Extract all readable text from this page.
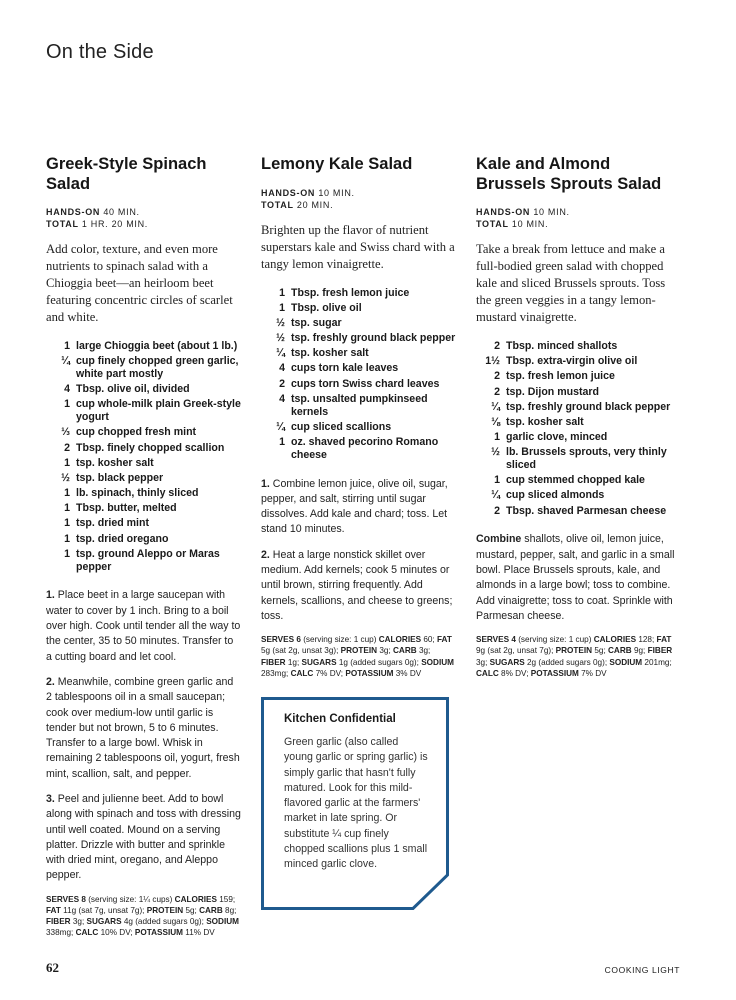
On the Side
Greek-Style Spinach Salad
HANDS-ON 40 MIN.
TOTAL 1 HR. 20 MIN.

Add color, texture, and even more nutrients to spinach salad with a Chioggia beet—an heirloom beet featuring concentric circles of scarlet and white.

1 large Chioggia beet (about 1 lb.)
¼ cup finely chopped green garlic, white part mostly
4 Tbsp. olive oil, divided
1 cup whole-milk plain Greek-style yogurt
⅓ cup chopped fresh mint
2 Tbsp. finely chopped scallion
1 tsp. kosher salt
½ tsp. black pepper
1 lb. spinach, thinly sliced
1 Tbsp. butter, melted
1 tsp. dried mint
1 tsp. dried oregano
1 tsp. ground Aleppo or Maras pepper

1. Place beet in a large saucepan with water to cover by 1 inch. Bring to a boil over high. Cook until tender all the way to the center, 35 to 50 minutes. Transfer to a cutting board and let cool.

2. Meanwhile, combine green garlic and 2 tablespoons oil in a small saucepan; cook over medium-low until garlic is tender but not brown, 5 to 6 minutes. Transfer to a large bowl. Whisk in remaining 2 tablespoons oil, yogurt, fresh mint, scallion, salt, and pepper.

3. Peel and julienne beet. Add to bowl along with spinach and toss with dressing until well coated. Mound on a serving platter. Drizzle with butter and sprinkle with dried mint, oregano, and Aleppo pepper.

SERVES 8 (serving size: 1¼ cups) CALORIES 159; FAT 11g (sat 7g, unsat 7g); PROTEIN 5g; CARB 8g; FIBER 3g; SUGARS 4g (added sugars 0g); SODIUM 338mg; CALC 10% DV; POTASSIUM 11% DV

Lemony Kale Salad
HANDS-ON 10 MIN.
TOTAL 20 MIN.

Brighten up the flavor of nutrient superstars kale and Swiss chard with a tangy lemon vinaigrette.

1 Tbsp. fresh lemon juice
1 Tbsp. olive oil
½ tsp. sugar
½ tsp. freshly ground black pepper
¼ tsp. kosher salt
4 cups torn kale leaves
2 cups torn Swiss chard leaves
4 tsp. unsalted pumpkinseed kernels
¼ cup sliced scallions
1 oz. shaved pecorino Romano cheese

1. Combine lemon juice, olive oil, sugar, pepper, and salt, stirring until sugar dissolves. Add kale and chard; toss. Let stand 10 minutes.

2. Heat a large nonstick skillet over medium. Add kernels; cook 5 minutes or until brown, stirring frequently. Add kernels, scallions, and cheese to greens; toss.

SERVES 6 (serving size: 1 cup) CALORIES 60; FAT 5g (sat 2g, unsat 3g); PROTEIN 3g; CARB 3g; FIBER 1g; SUGARS 1g (added sugars 0g); SODIUM 283mg; CALC 7% DV; POTASSIUM 3% DV

Kale and Almond Brussels Sprouts Salad
HANDS-ON 10 MIN.
TOTAL 10 MIN.

Take a break from lettuce and make a full-bodied green salad with chopped kale and sliced Brussels sprouts. Toss the green veggies in a tangy lemon-mustard vinaigrette.

2 Tbsp. minced shallots
1½ Tbsp. extra-virgin olive oil
2 tsp. fresh lemon juice
2 tsp. Dijon mustard
¼ tsp. freshly ground black pepper
⅛ tsp. kosher salt
1 garlic clove, minced
½ lb. Brussels sprouts, very thinly sliced
1 cup stemmed chopped kale
¼ cup sliced almonds
2 Tbsp. shaved Parmesan cheese

Combine shallots, olive oil, lemon juice, mustard, pepper, salt, and garlic in a small bowl. Place Brussels sprouts, kale, and almonds in a large bowl; toss to combine. Add vinaigrette; toss to coat. Sprinkle with Parmesan cheese.

SERVES 4 (serving size: 1 cup) CALORIES 128; FAT 9g (sat 2g, unsat 7g); PROTEIN 5g; CARB 9g; FIBER 3g; SUGARS 2g (added sugars 0g); SODIUM 201mg; CALC 8% DV; POTASSIUM 7% DV

Kitchen Confidential
Green garlic (also called young garlic or spring garlic) is simply garlic that hasn't fully matured. Look for this mild-flavored garlic at the farmers' market in late spring. Or substitute ¼ cup finely chopped scallions plus 1 small minced garlic clove.
62	COOKING LIGHT
